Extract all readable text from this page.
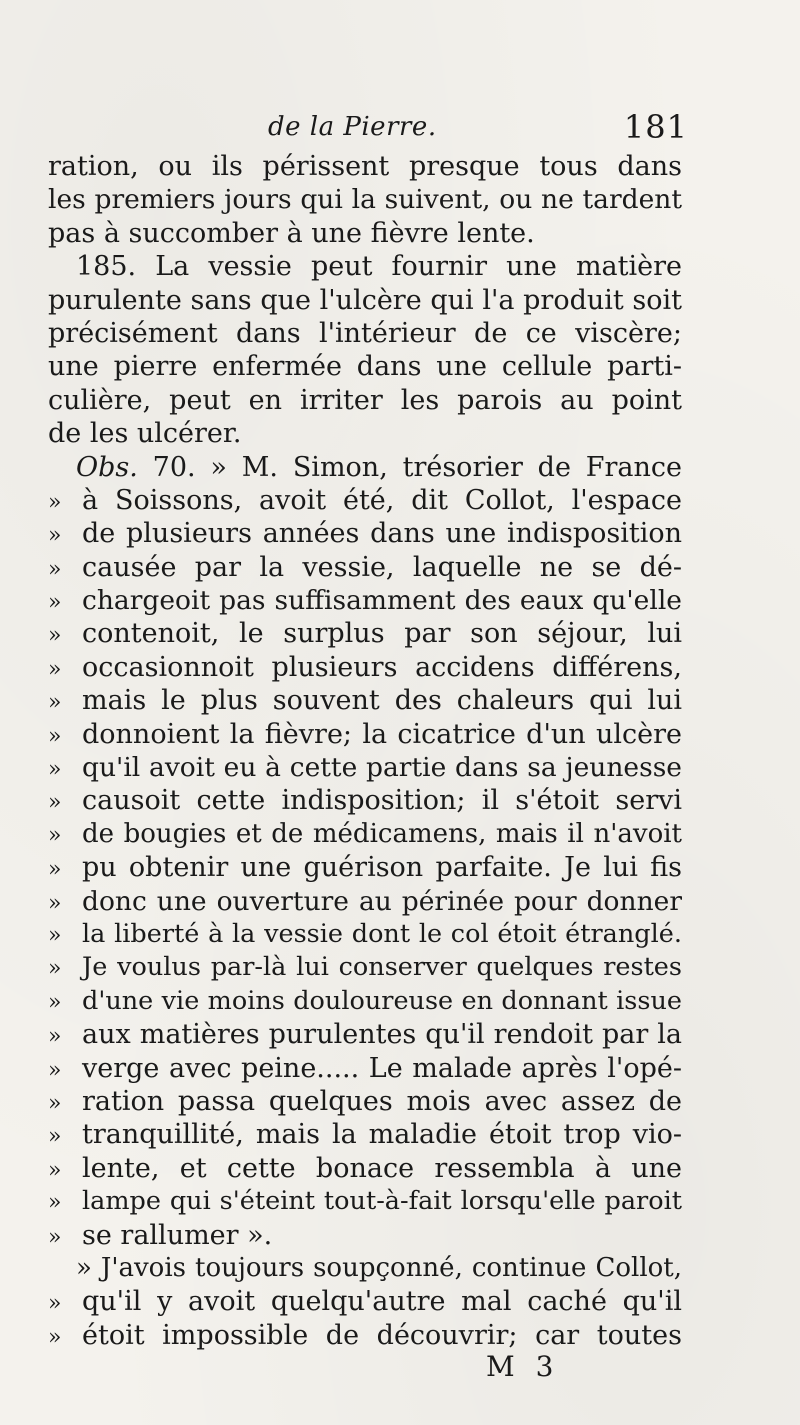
de la Pierre.	181
ration, ou ils périssent presque tous dans
les premiers jours qui la suivent, ou ne tardent
pas à succomber à une fièvre lente.
185. La vessie peut fournir une matière
purulente sans que l'ulcère qui l'a produit soit
précisément dans l'intérieur de ce viscère;
une pierre enfermée dans une cellule parti-
culière, peut en irriter les parois au point
de les ulcérer.
Obs. 70. » M. Simon, trésorier de France
» à Soissons, avoit été, dit Collot, l'espace
» de plusieurs années dans une indisposition
» causée par la vessie, laquelle ne se dé-
» chargeoit pas suffisamment des eaux qu'elle
» contenoit, le surplus par son séjour, lui
» occasionnoit plusieurs accidens différens,
» mais le plus souvent des chaleurs qui lui
» donnoient la fièvre; la cicatrice d'un ulcère
» qu'il avoit eu à cette partie dans sa jeunesse
» causoit cette indisposition; il s'étoit servi
» de bougies et de médicamens, mais il n'avoit
» pu obtenir une guérison parfaite. Je lui fis
» donc une ouverture au périnée pour donner
» la liberté à la vessie dont le col étoit étranglé.
» Je voulus par-là lui conserver quelques restes
» d'une vie moins douloureuse en donnant issue
» aux matières purulentes qu'il rendoit par la
» verge avec peine..... Le malade après l'opé-
» ration passa quelques mois avec assez de
» tranquillité, mais la maladie étoit trop vio-
» lente, et cette bonace ressembla à une
» lampe qui s'éteint tout-à-fait lorsqu'elle paroit
» se rallumer ».
» J'avois toujours soupçonné, continue Collot,
» qu'il y avoit quelqu'autre mal caché qu'il
» étoit impossible de découvrir; car toutes
M 3
